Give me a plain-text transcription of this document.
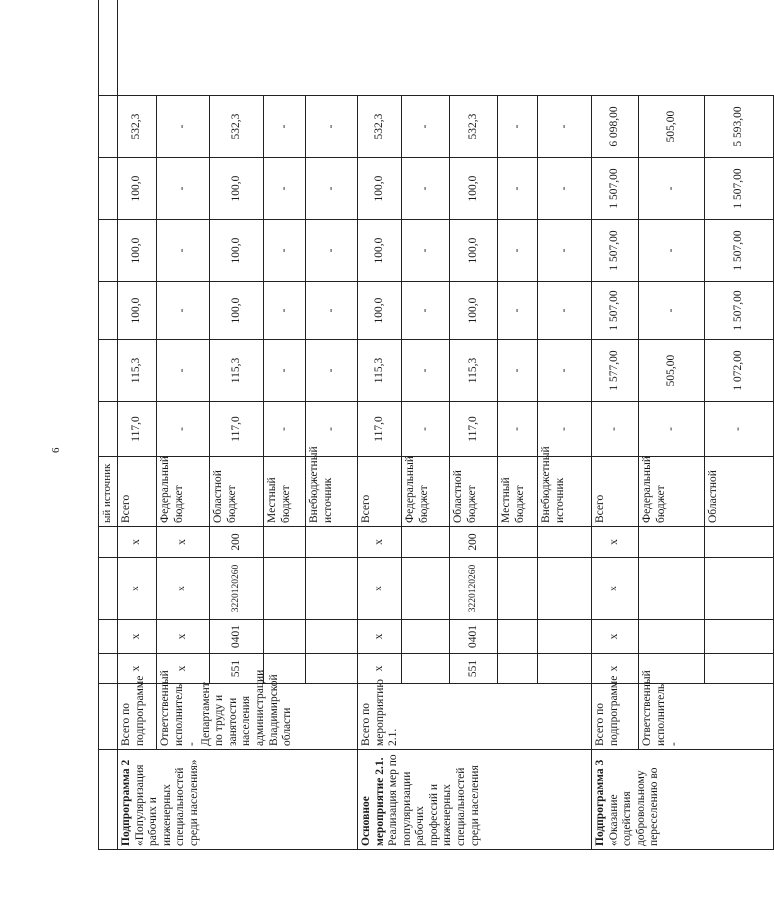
6
						ый источник							
Подпрограмма 2 «Популяризация рабочих и инженерных специальностей среди населения»	Всего по подпрограмме	х	х	х	х	Всего	117,0	115,3	100,0	100,0	100,0	532,3	
	Ответственный исполнитель - Департамент по труду и занятости населения администрации Владимирской области	х	х	х	х	Федеральный бюджет	-	-	-	-	-	-	
		551	0401	3220120260	200	Областной бюджет	117,0	115,3	100,0	100,0	100,0	532,3	
						Местный бюджет	-	-	-	-	-	-	
						Внебюджетный источник	-	-	-	-	-	-	
Основное мероприятие 2.1. Реализация мер по популяризации рабочих профессий и инженерных специальностей среди населения	Всего по мероприятию 2.1.	х	х	х	х	Всего	117,0	115,3	100,0	100,0	100,0	532,3	
						Федеральный бюджет	-	-	-	-	-	-	
		551	0401	3220120260	200	Областной бюджет	117,0	115,3	100,0	100,0	100,0	532,3	
						Местный бюджет	-	-	-	-	-	-	
						Внебюджетный источник	-	-	-	-	-	-	
Подпрограмма 3 «Оказание содействия добровольному переселению во	Всего по подпрограмме	х	х	х	х	Всего	-	1 577,00	1 507,00	1 507,00	1 507,00	6 098,00	
	Ответственный исполнитель -					Федеральный бюджет	-	505,00	-	-	-	505,00	
						Областной	-	1 072,00	1 507,00	1 507,00	1 507,00	5 593,00	
